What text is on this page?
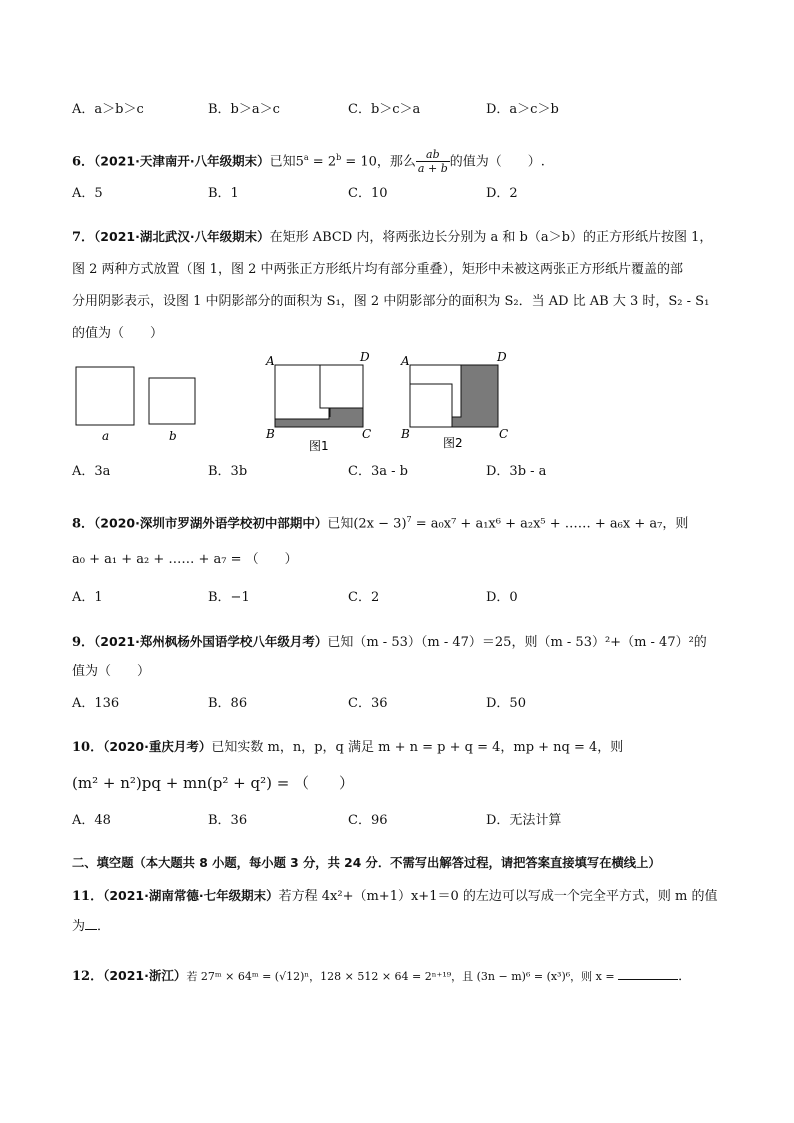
A．a＞b＞c	B．b＞a＞c	C．b＞c＞a	D．a＞c＞b
6．（2021·天津南开·八年级期末）已知$5^a = 2^b = 10$，那么 $\frac{ab}{a + b}$ 的值为（　　）.
A．5	B．1	C．10	D．2
7．（2021·湖北武汉·八年级期末）在矩形 ABCD 内，将两张边长分别为 a 和 b（a＞b）的正方形纸片按图 1，
图 2 两种方式放置（图 1，图 2 中两张正方形纸片均有部分重叠），矩形中未被这两张正方形纸片覆盖的部
分用阴影表示，设图 1 中阴影部分的面积为 S₁，图 2 中阴影部分的面积为 S₂．当 AD 比 AB 大 3 时，S₂ - S₁
的值为（　　）
a	b
A	D
B	C
图1
A	D
B	C
图2
A．3a	B．3b	C．3a - b	D．3b - a
8．（2020·深圳市罗湖外语学校初中部期中）已知$(2x - 3)^7 = a_0x^7 + a_1x^6 + a_2x^5$ + …… + a₆x + a₇，则
a₀ + a₁ + a₂ + …… + a₇ = （　　）
A．1	B．−1	C．2	D．0
9．（2021·郑州枫杨外国语学校八年级月考）已知（m - 53）（m - 47）＝25，则（m - 53）²+（m - 47）²的
值为（　　）
A．136	B．86	C．36	D．50
10．（2020·重庆月考）已知实数 m，n，p，q 满足 m + n = p + q = 4，mp + nq = 4，则
(m² + n²)pq + mn(p² + q²) = （　　）
A．48	B．36	C．96	D．无法计算
二、填空题（本大题共 8 小题，每小题 3 分，共 24 分．不需写出解答过程，请把答案直接填写在横线上）
11．（2021·湖南常德·七年级期末）若方程 4x²+（m+1）x+1＝0 的左边可以写成一个完全平方式，则 m 的值
为 ．
12．（2021·浙江）若 27ᵐ × 64ᵐ = (√12)ⁿ，128 × 512 × 64 = 2ⁿ⁺¹⁹，且 (3n − m)⁶ = (x³)⁶，则 x =	．
